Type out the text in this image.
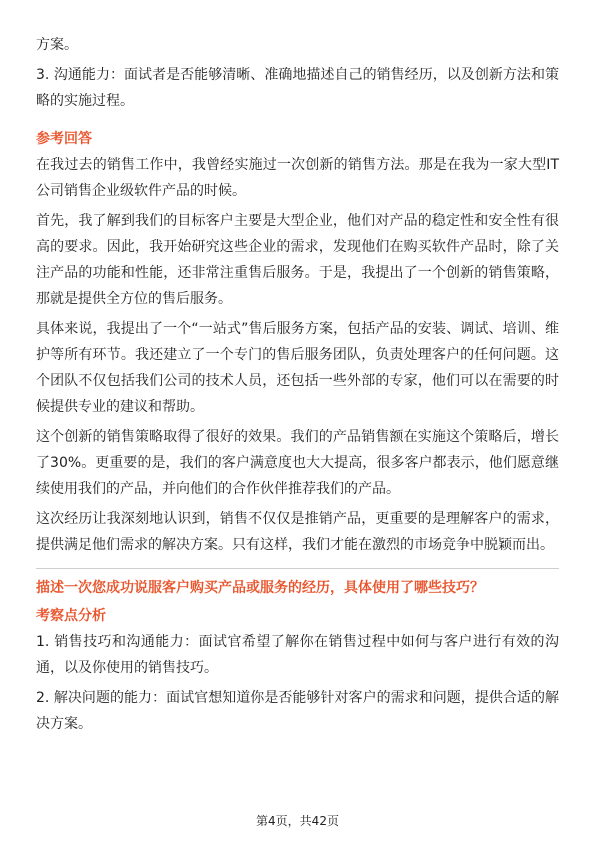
方案。

3. 沟通能力：面试者是否能够清晰、准确地描述自己的销售经历，以及创新方法和策略的实施过程。

参考回答

在我过去的销售工作中，我曾经实施过一次创新的销售方法。那是在我为一家大型IT公司销售企业级软件产品的时候。

首先，我了解到我们的目标客户主要是大型企业，他们对产品的稳定性和安全性有很高的要求。因此，我开始研究这些企业的需求，发现他们在购买软件产品时，除了关注产品的功能和性能，还非常注重售后服务。于是，我提出了一个创新的销售策略，那就是提供全方位的售后服务。

具体来说，我提出了一个“一站式”售后服务方案，包括产品的安装、调试、培训、维护等所有环节。我还建立了一个专门的售后服务团队，负责处理客户的任何问题。这个团队不仅包括我们公司的技术人员，还包括一些外部的专家，他们可以在需要的时候提供专业的建议和帮助。

这个创新的销售策略取得了很好的效果。我们的产品销售额在实施这个策略后，增长了30%。更重要的是，我们的客户满意度也大大提高，很多客户都表示，他们愿意继续使用我们的产品，并向他们的合作伙伴推荐我们的产品。

这次经历让我深刻地认识到，销售不仅仅是推销产品，更重要的是理解客户的需求，提供满足他们需求的解决方案。只有这样，我们才能在激烈的市场竞争中脱颖而出。

描述一次您成功说服客户购买产品或服务的经历，具体使用了哪些技巧？

考察点分析

1. 销售技巧和沟通能力：面试官希望了解你在销售过程中如何与客户进行有效的沟通，以及你使用的销售技巧。

2. 解决问题的能力：面试官想知道你是否能够针对客户的需求和问题，提供合适的解决方案。

第4页，共42页
